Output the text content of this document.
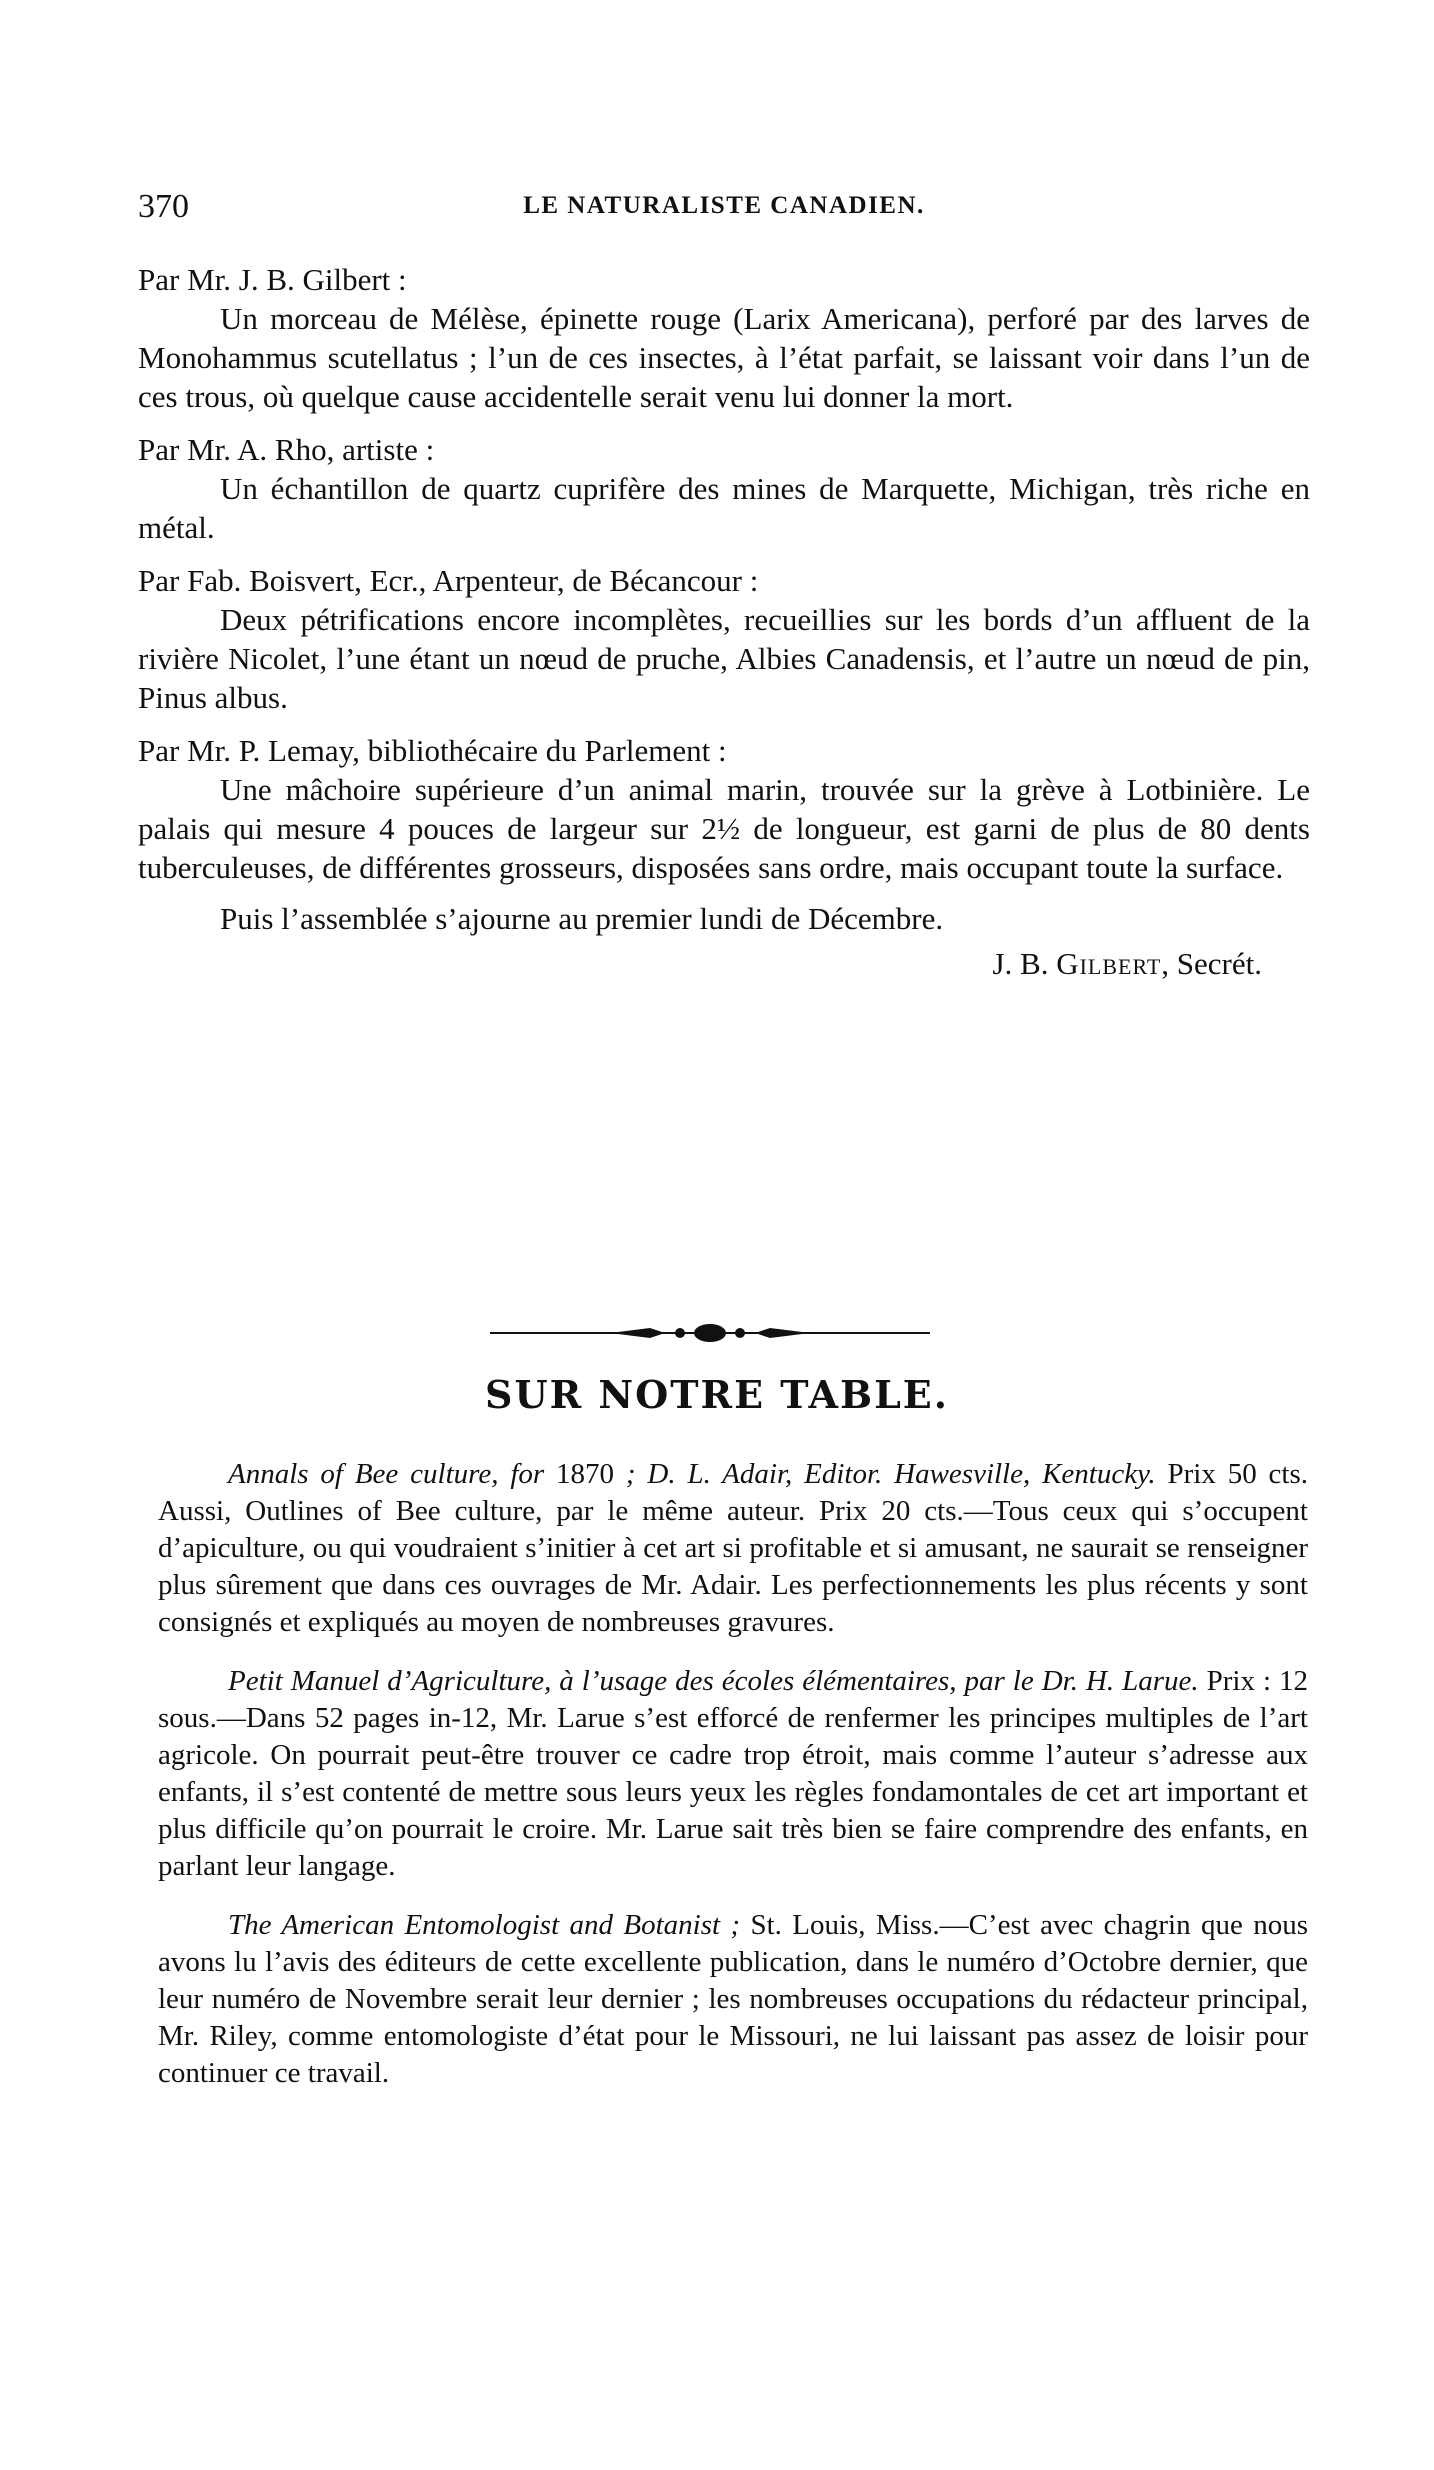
370	LE NATURALISTE CANADIEN.

Par Mr. J. B. Gilbert :

Un morceau de Mélèse, épinette rouge (Larix Americana), perforé par des larves de Monohammus scutellatus ; l’un de ces insectes, à l’état parfait, se laissant voir dans l’un de ces trous, où quelque cause accidentelle serait venu lui donner la mort.

Par Mr. A. Rho, artiste :

Un échantillon de quartz cuprifère des mines de Marquette, Michigan, très riche en métal.

Par Fab. Boisvert, Ecr., Arpenteur, de Bécancour :

Deux pétrifications encore incomplètes, recueillies sur les bords d’un affluent de la rivière Nicolet, l’une étant un nœud de pruche, Albies Canadensis, et l’autre un nœud de pin, Pinus albus.

Par Mr. P. Lemay, bibliothécaire du Parlement :

Une mâchoire supérieure d’un animal marin, trouvée sur la grève à Lotbinière. Le palais qui mesure 4 pouces de largeur sur 2½ de longueur, est garni de plus de 80 dents tuberculeuses, de différentes grosseurs, disposées sans ordre, mais occupant toute la surface.

Puis l’assemblée s’ajourne au premier lundi de Décembre.

J. B. Gilbert, Secrét.

SUR NOTRE TABLE.

Annals of Bee culture, for 1870 ; D. L. Adair, Editor. Hawesville, Kentucky. Prix 50 cts. Aussi, Outlines of Bee culture, par le même auteur. Prix 20 cts.—Tous ceux qui s’occupent d’apiculture, ou qui voudraient s’initier à cet art si profitable et si amusant, ne saurait se renseigner plus sûrement que dans ces ouvrages de Mr. Adair. Les perfectionnements les plus récents y sont consignés et expliqués au moyen de nombreuses gravures.

Petit Manuel d’Agriculture, à l’usage des écoles élémentaires, par le Dr. H. Larue. Prix : 12 sous.—Dans 52 pages in-12, Mr. Larue s’est efforcé de renfermer les principes multiples de l’art agricole. On pourrait peut-être trouver ce cadre trop étroit, mais comme l’auteur s’adresse aux enfants, il s’est contenté de mettre sous leurs yeux les règles fondamontales de cet art important et plus difficile qu’on pourrait le croire. Mr. Larue sait très bien se faire comprendre des enfants, en parlant leur langage.

The American Entomologist and Botanist ; St. Louis, Miss.—C’est avec chagrin que nous avons lu l’avis des éditeurs de cette excellente publication, dans le numéro d’Octobre dernier, que leur numéro de Novembre serait leur dernier ; les nombreuses occupations du rédacteur principal, Mr. Riley, comme entomologiste d’état pour le Missouri, ne lui laissant pas assez de loisir pour continuer ce travail.
